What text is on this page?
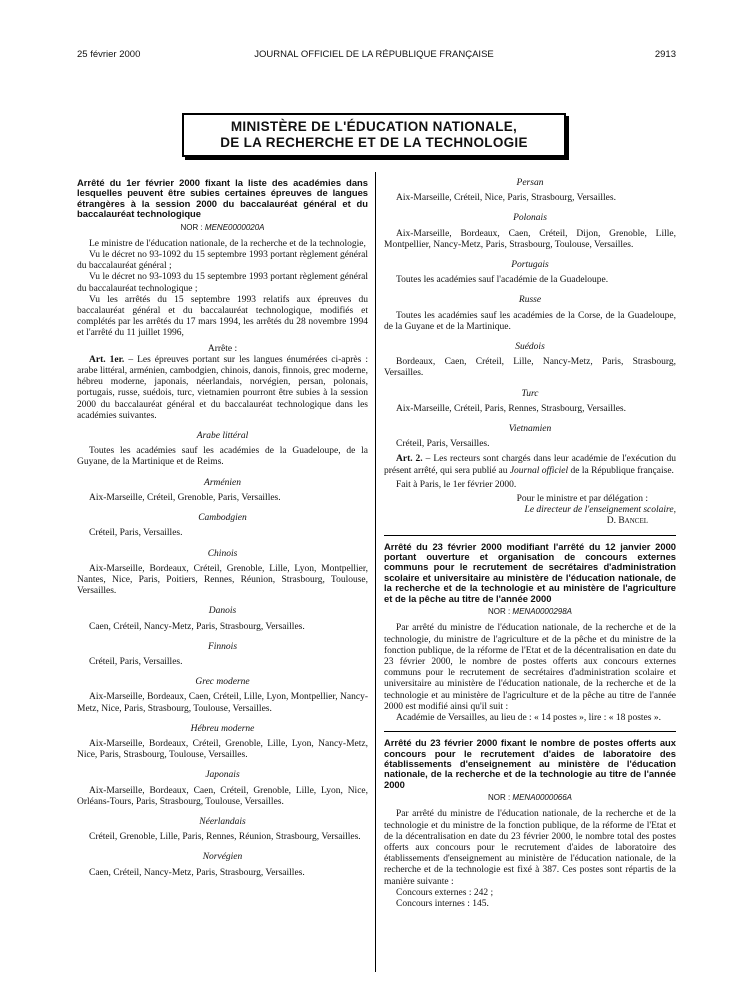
25 février 2000	JOURNAL OFFICIEL DE LA RÉPUBLIQUE FRANÇAISE	2913
MINISTÈRE DE L'ÉDUCATION NATIONALE,
DE LA RECHERCHE ET DE LA TECHNOLOGIE
Arrêté du 1er février 2000 fixant la liste des académies dans lesquelles peuvent être subies certaines épreuves de langues étrangères à la session 2000 du baccalauréat général et du baccalauréat technologique
NOR : MENE0000020A

Le ministre de l'éducation nationale, de la recherche et de la technologie,

Vu le décret no 93-1092 du 15 septembre 1993 portant règlement général du baccalauréat général ;

Vu le décret no 93-1093 du 15 septembre 1993 portant règlement général du baccalauréat technologique ;

Vu les arrêtés du 15 septembre 1993 relatifs aux épreuves du baccalauréat général et du baccalauréat technologique, modifiés et complétés par les arrêtés du 17 mars 1994, les arrêtés du 28 novembre 1994 et l'arrêté du 11 juillet 1996,

Arrête :

Art. 1er. – Les épreuves portant sur les langues énumérées ci-après : arabe littéral, arménien, cambodgien, chinois, danois, finnois, grec moderne, hébreu moderne, japonais, néerlandais, norvégien, persan, polonais, portugais, russe, suédois, turc, vietnamien pourront être subies à la session 2000 du baccalauréat général et du baccalauréat technologique dans les académies suivantes.

Arabe littéral

Toutes les académies sauf les académies de la Guadeloupe, de la Guyane, de la Martinique et de Reims.

Arménien

Aix-Marseille, Créteil, Grenoble, Paris, Versailles.

Cambodgien

Créteil, Paris, Versailles.

Chinois

Aix-Marseille, Bordeaux, Créteil, Grenoble, Lille, Lyon, Montpellier, Nantes, Nice, Paris, Poitiers, Rennes, Réunion, Strasbourg, Toulouse, Versailles.

Danois

Caen, Créteil, Nancy-Metz, Paris, Strasbourg, Versailles.

Finnois

Créteil, Paris, Versailles.

Grec moderne

Aix-Marseille, Bordeaux, Caen, Créteil, Lille, Lyon, Montpellier, Nancy-Metz, Nice, Paris, Strasbourg, Toulouse, Versailles.

Hébreu moderne

Aix-Marseille, Bordeaux, Créteil, Grenoble, Lille, Lyon, Nancy-Metz, Nice, Paris, Strasbourg, Toulouse, Versailles.

Japonais

Aix-Marseille, Bordeaux, Caen, Créteil, Grenoble, Lille, Lyon, Nice, Orléans-Tours, Paris, Strasbourg, Toulouse, Versailles.

Néerlandais

Créteil, Grenoble, Lille, Paris, Rennes, Réunion, Strasbourg, Versailles.

Norvégien

Caen, Créteil, Nancy-Metz, Paris, Strasbourg, Versailles.

Persan

Aix-Marseille, Créteil, Nice, Paris, Strasbourg, Versailles.

Polonais

Aix-Marseille, Bordeaux, Caen, Créteil, Dijon, Grenoble, Lille, Montpellier, Nancy-Metz, Paris, Strasbourg, Toulouse, Versailles.

Portugais

Toutes les académies sauf l'académie de la Guadeloupe.

Russe

Toutes les académies sauf les académies de la Corse, de la Guadeloupe, de la Guyane et de la Martinique.

Suédois

Bordeaux, Caen, Créteil, Lille, Nancy-Metz, Paris, Strasbourg, Versailles.

Turc

Aix-Marseille, Créteil, Paris, Rennes, Strasbourg, Versailles.

Vietnamien

Créteil, Paris, Versailles.

Art. 2. – Les recteurs sont chargés dans leur académie de l'exécution du présent arrêté, qui sera publié au Journal officiel de la République française.

Fait à Paris, le 1er février 2000.

Pour le ministre et par délégation :

Le directeur de l'enseignement scolaire,

D. Bancel

Arrêté du 23 février 2000 modifiant l'arrêté du 12 janvier 2000 portant ouverture et organisation de concours externes communs pour le recrutement de secrétaires d'administration scolaire et universitaire au ministère de l'éducation nationale, de la recherche et de la technologie et au ministère de l'agriculture et de la pêche au titre de l'année 2000
NOR : MENA0000298A

Par arrêté du ministre de l'éducation nationale, de la recherche et de la technologie, du ministre de l'agriculture et de la pêche et du ministre de la fonction publique, de la réforme de l'Etat et de la décentralisation en date du 23 février 2000, le nombre de postes offerts aux concours externes communs pour le recrutement de secrétaires d'administration scolaire et universitaire au ministère de l'éducation nationale, de la recherche et de la technologie et au ministère de l'agriculture et de la pêche au titre de l'année 2000 est modifié ainsi qu'il suit :

Académie de Versailles, au lieu de : « 14 postes », lire : « 18 postes ».

Arrêté du 23 février 2000 fixant le nombre de postes offerts aux concours pour le recrutement d'aides de laboratoire des établissements d'enseignement au ministère de l'éducation nationale, de la recherche et de la technologie au titre de l'année 2000
NOR : MENA0000066A

Par arrêté du ministre de l'éducation nationale, de la recherche et de la technologie et du ministre de la fonction publique, de la réforme de l'Etat et de la décentralisation en date du 23 février 2000, le nombre total des postes offerts aux concours pour le recrutement d'aides de laboratoire des établissements d'enseignement au ministère de l'éducation nationale, de la recherche et de la technologie est fixé à 387. Ces postes sont répartis de la manière suivante :

Concours externes : 242 ;

Concours internes : 145.
